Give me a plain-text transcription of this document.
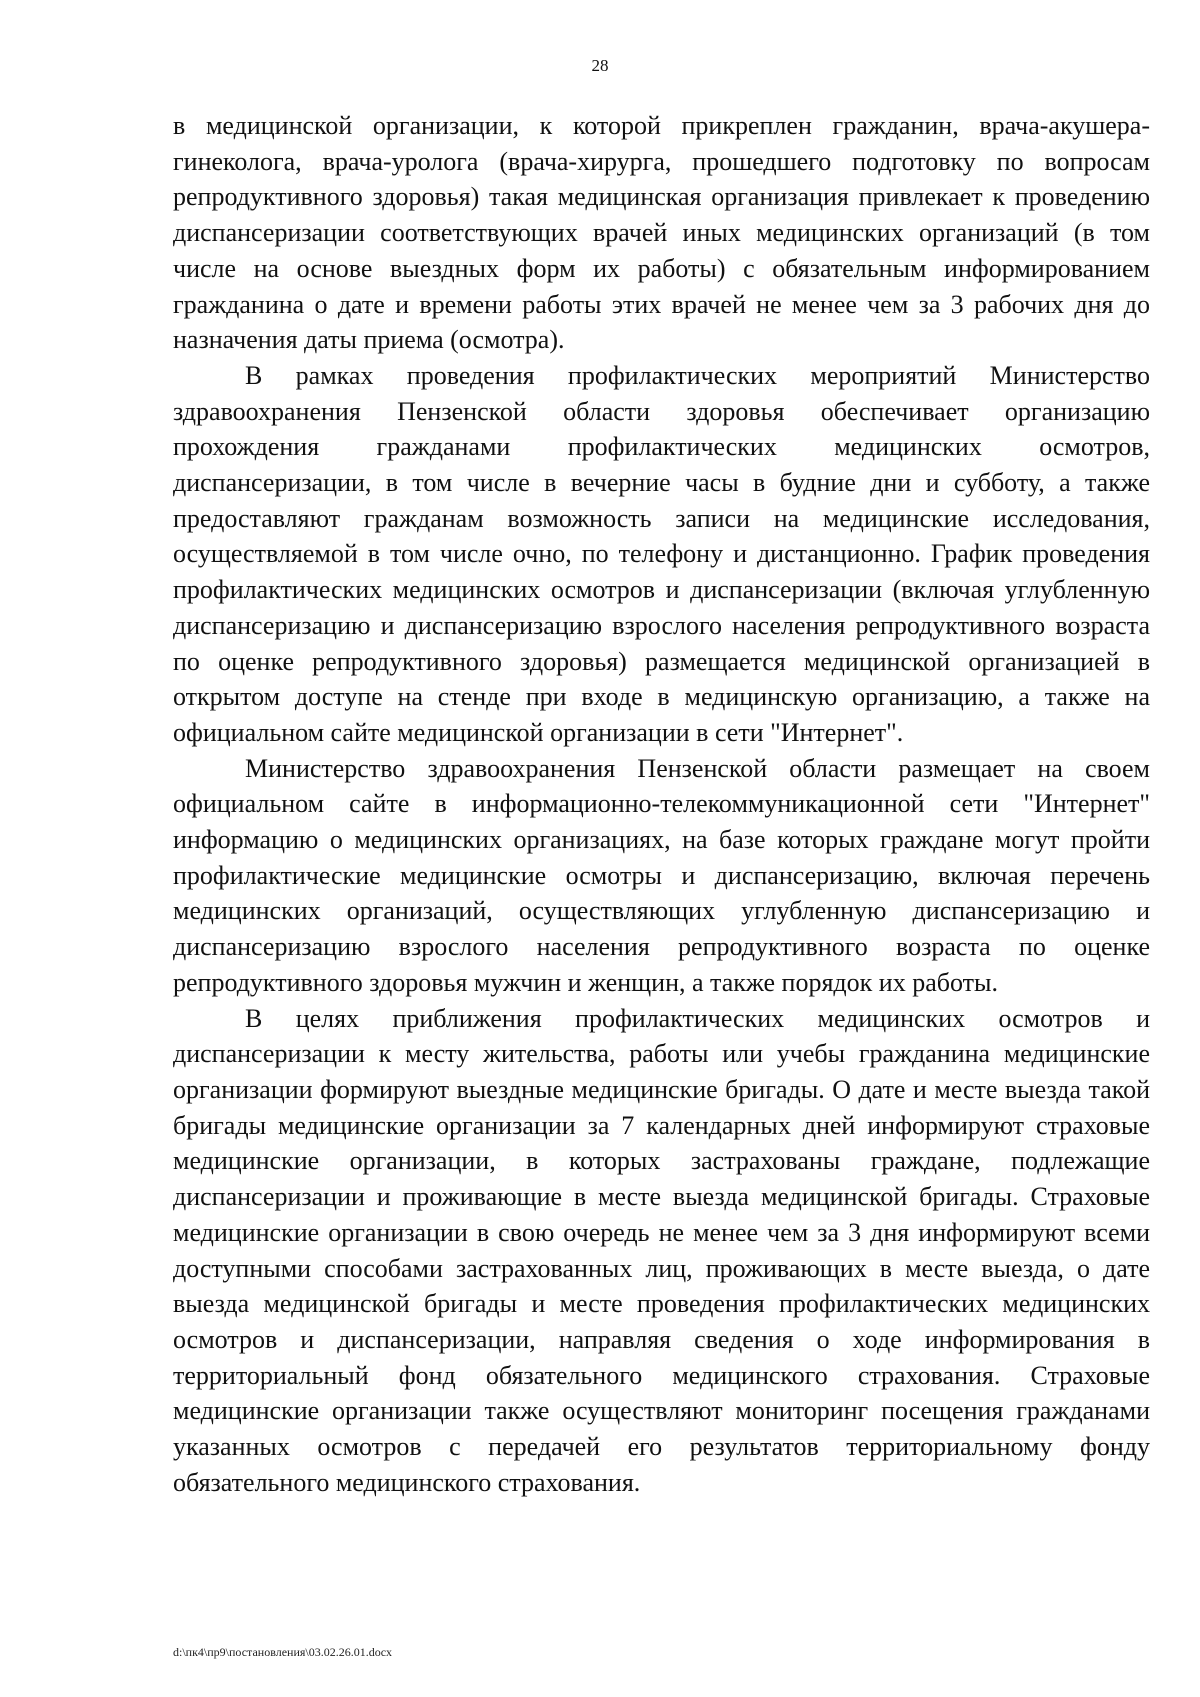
28

в медицинской организации, к которой прикреплен гражданин, врача-акушера-гинеколога, врача-уролога (врача-хирурга, прошедшего подготовку по вопросам репродуктивного здоровья) такая медицинская организация привлекает к проведению диспансеризации соответствующих врачей иных медицинских организаций (в том числе на основе выездных форм их работы) с обязательным информированием гражданина о дате и времени работы этих врачей не менее чем за 3 рабочих дня до назначения даты приема (осмотра).

В рамках проведения профилактических мероприятий Министерство здравоохранения Пензенской области здоровья обеспечивает организацию прохождения гражданами профилактических медицинских осмотров, диспансеризации, в том числе в вечерние часы в будние дни и субботу, а также предоставляют гражданам возможность записи на медицинские исследования, осуществляемой в том числе очно, по телефону и дистанционно. График проведения профилактических медицинских осмотров и диспансеризации (включая углубленную диспансеризацию и диспансеризацию взрослого населения репродуктивного возраста по оценке репродуктивного здоровья) размещается медицинской организацией в открытом доступе на стенде при входе в медицинскую организацию, а также на официальном сайте медицинской организации в сети "Интернет".

Министерство здравоохранения Пензенской области размещает на своем официальном сайте в информационно-телекоммуникационной сети "Интернет" информацию о медицинских организациях, на базе которых граждане могут пройти профилактические медицинские осмотры и диспансеризацию, включая перечень медицинских организаций, осуществляющих углубленную диспансеризацию и диспансеризацию взрослого населения репродуктивного возраста по оценке репродуктивного здоровья мужчин и женщин, а также порядок их работы.

В целях приближения профилактических медицинских осмотров и диспансеризации к месту жительства, работы или учебы гражданина медицинские организации формируют выездные медицинские бригады. О дате и месте выезда такой бригады медицинские организации за 7 календарных дней информируют страховые медицинские организации, в которых застрахованы граждане, подлежащие диспансеризации и проживающие в месте выезда медицинской бригады. Страховые медицинские организации в свою очередь не менее чем за 3 дня информируют всеми доступными способами застрахованных лиц, проживающих в месте выезда, о дате выезда медицинской бригады и месте проведения профилактических медицинских осмотров и диспансеризации, направляя сведения о ходе информирования в территориальный фонд обязательного медицинского страхования. Страховые медицинские организации также осуществляют мониторинг посещения гражданами указанных осмотров с передачей его результатов территориальному фонду обязательного медицинского страхования.

d:\пк4\пр9\постановления\03.02.26.01.docx
